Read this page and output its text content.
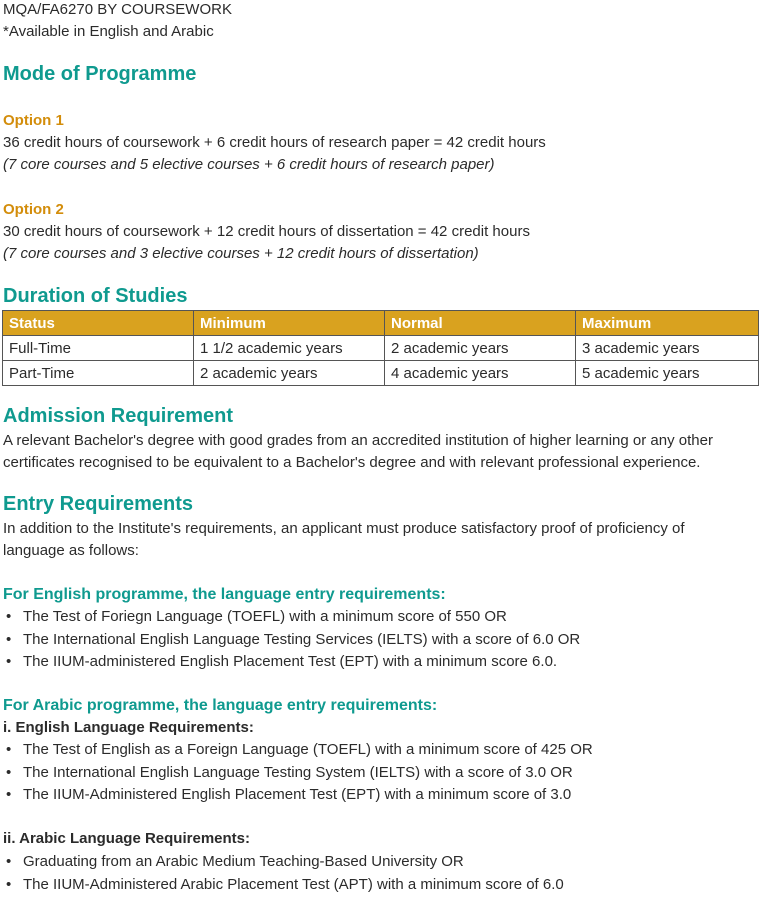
MQA/FA6270 BY COURSEWORK
*Available in English and Arabic
Mode of Programme
Option 1
36 credit hours of coursework + 6 credit hours of research paper = 42 credit hours
(7 core courses and 5 elective courses + 6 credit hours of research paper)
Option 2
30 credit hours of coursework + 12 credit hours of dissertation = 42 credit hours
(7 core courses and 3 elective courses + 12 credit hours of dissertation)
Duration of Studies
Status	Minimum	Normal	Maximum
Full-Time	1 1/2 academic years	2 academic years	3 academic years
Part-Time	2 academic years	4 academic years	5 academic years
Admission Requirement
A relevant Bachelor's degree with good grades from an accredited institution of higher learning or any other certificates recognised to be equivalent to a Bachelor's degree and with relevant professional experience.
Entry Requirements
In addition to the Institute's requirements, an applicant must produce satisfactory proof of proficiency of language as follows:
For English programme, the language entry requirements:
• The Test of Foriegn Language (TOEFL) with a minimum score of 550 OR
• The International English Language Testing Services (IELTS) with a score of 6.0 OR
• The IIUM-administered English Placement Test (EPT) with a minimum score 6.0.
For Arabic programme, the language entry requirements:
i. English Language Requirements:
• The Test of English as a Foreign Language (TOEFL) with a minimum score of 425 OR
• The International English Language Testing System (IELTS) with a score of 3.0 OR
• The IIUM-Administered English Placement Test (EPT) with a minimum score of 3.0
ii. Arabic Language Requirements:
• Graduating from an Arabic Medium Teaching-Based University OR
• The IIUM-Administered Arabic Placement Test (APT) with a minimum score of 6.0
